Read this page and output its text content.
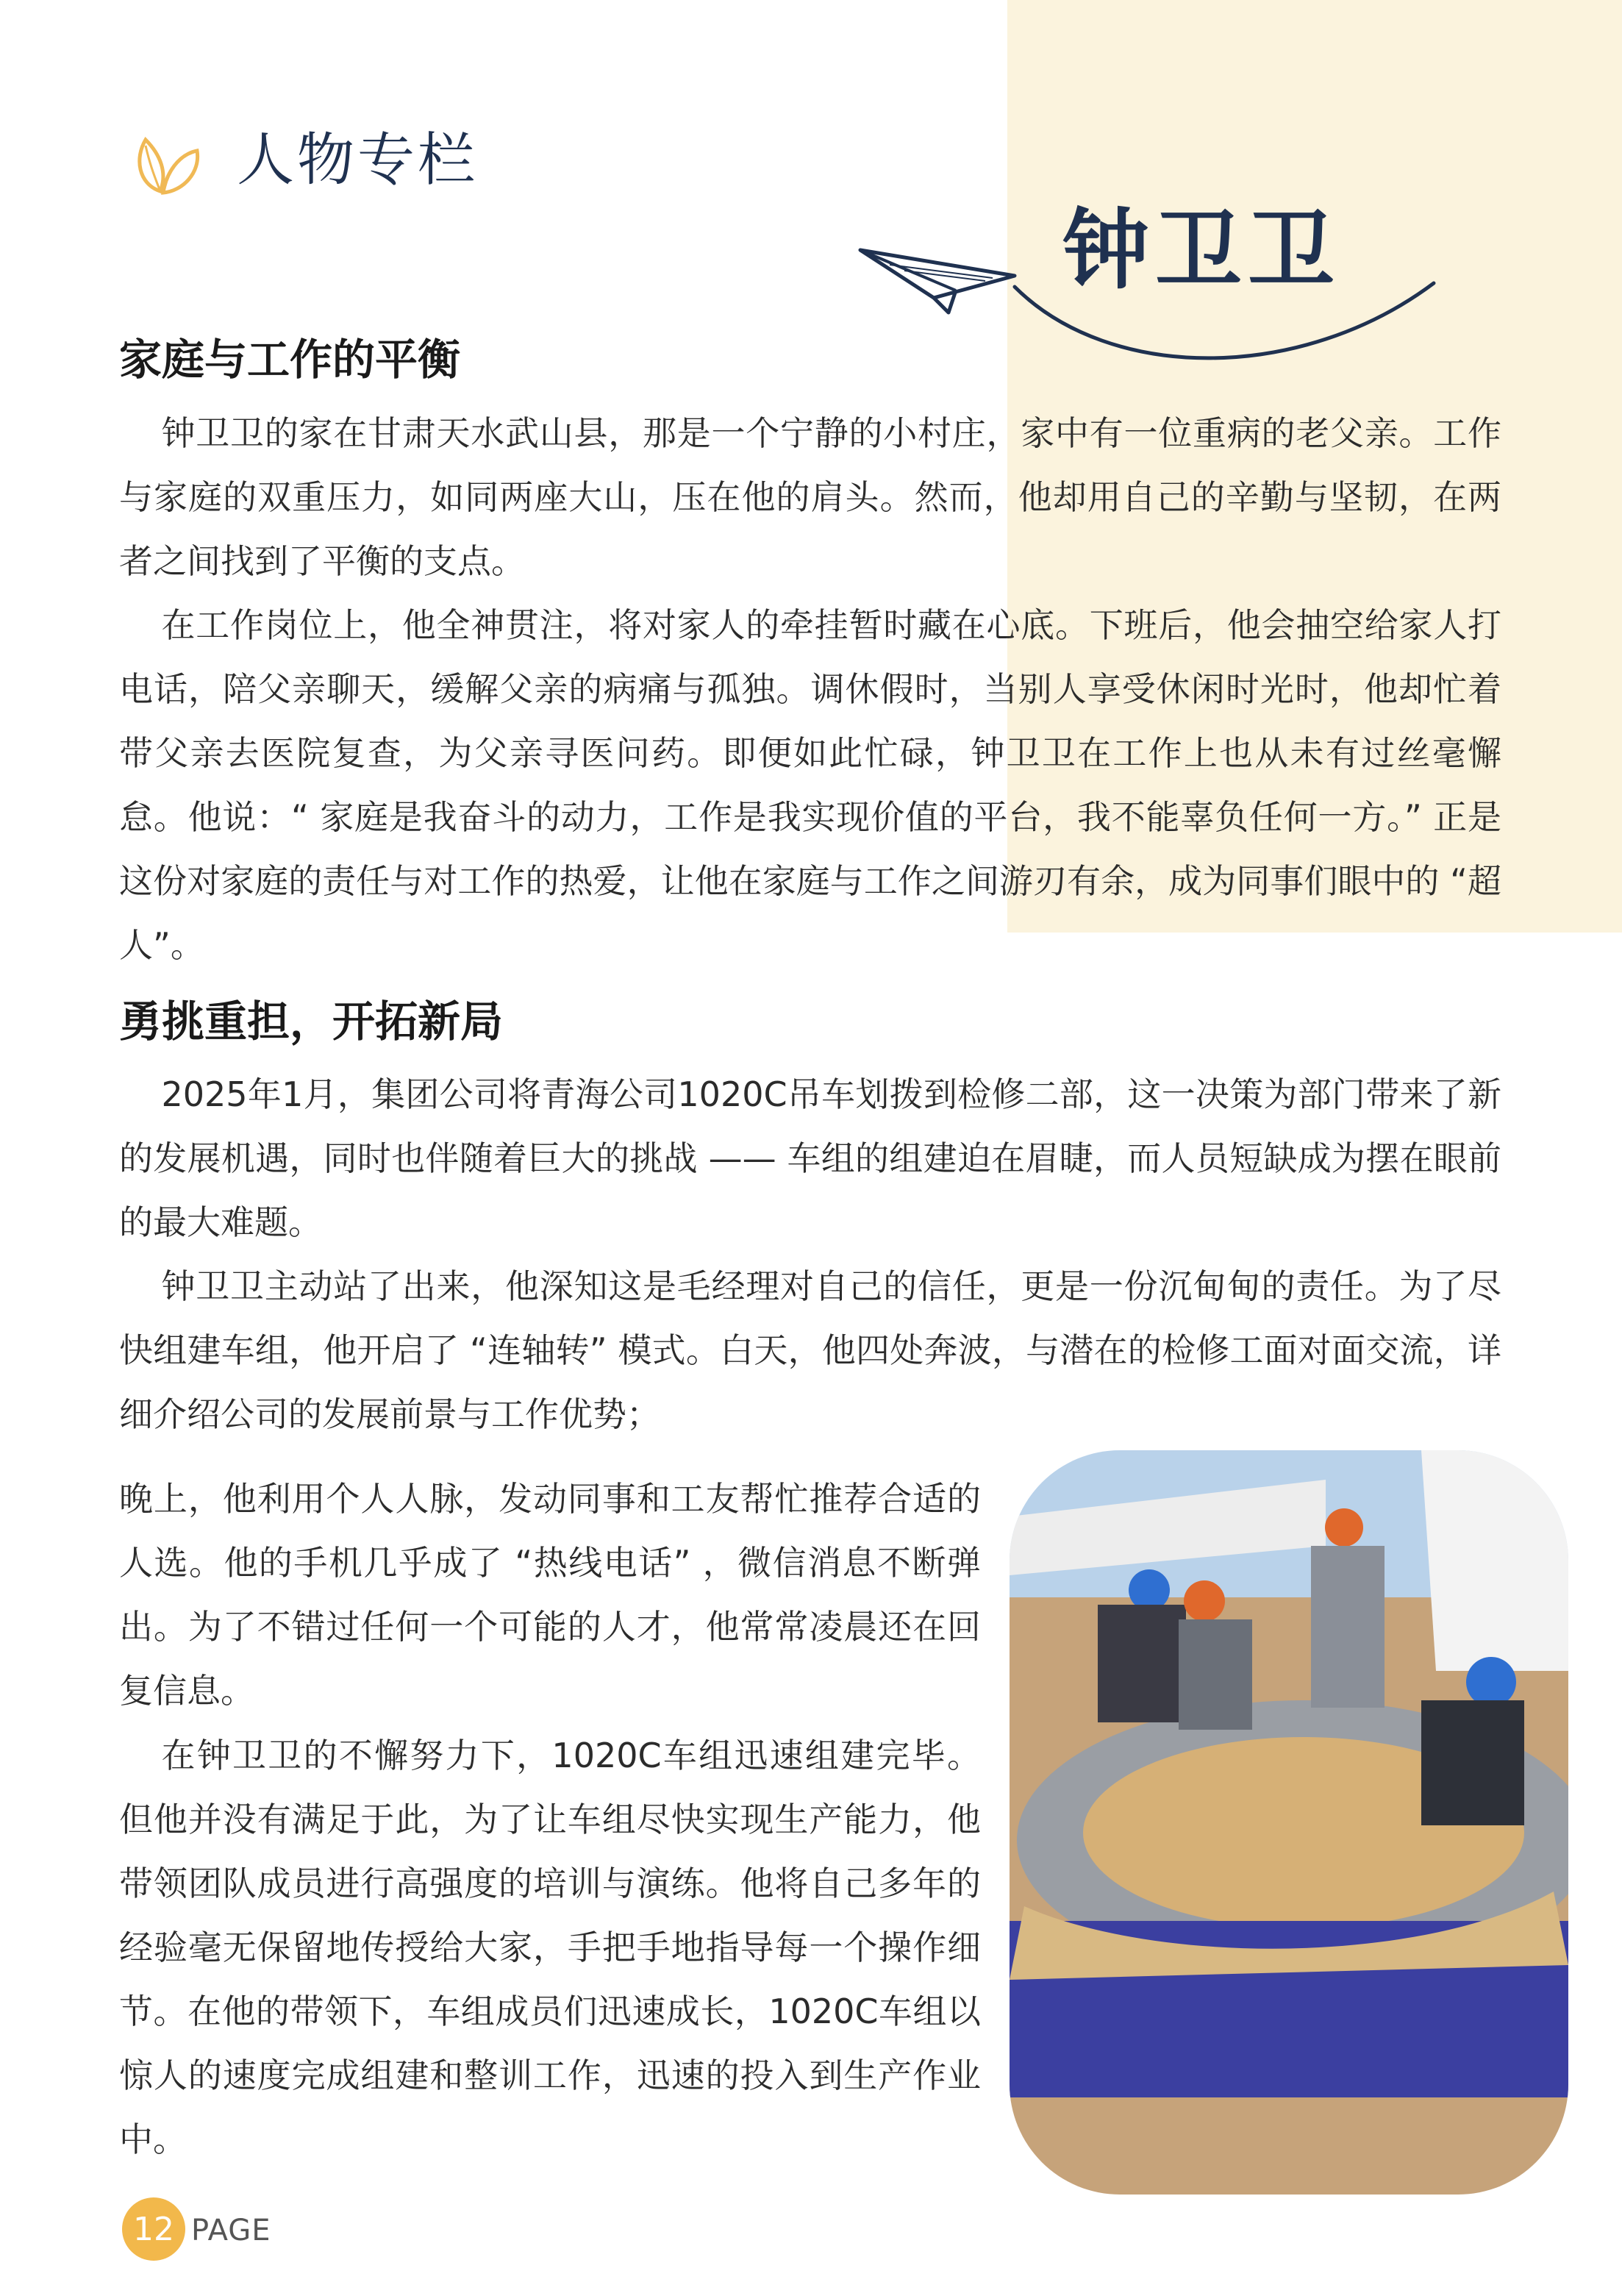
人物专栏
钟卫卫
家庭与工作的平衡

钟卫卫的家在甘肃天水武山县，那是一个宁静的小村庄，家中有一位重病的老父亲。工作与家庭的双重压力，如同两座大山，压在他的肩头。然而，他却用自己的辛勤与坚韧，在两者之间找到了平衡的支点。

在工作岗位上，他全神贯注，将对家人的牵挂暂时藏在心底。下班后，他会抽空给家人打电话，陪父亲聊天，缓解父亲的病痛与孤独。调休假时，当别人享受休闲时光时，他却忙着带父亲去医院复查，为父亲寻医问药。即便如此忙碌，钟卫卫在工作上也从未有过丝毫懈怠。他说：“ 家庭是我奋斗的动力，工作是我实现价值的平台，我不能辜负任何一方。” 正是这份对家庭的责任与对工作的热爱，让他在家庭与工作之间游刃有余，成为同事们眼中的 “超人”。

勇挑重担，开拓新局

2025年1月，集团公司将青海公司1020C吊车划拨到检修二部，这一决策为部门带来了新的发展机遇，同时也伴随着巨大的挑战 —— 车组的组建迫在眉睫，而人员短缺成为摆在眼前的最大难题。

钟卫卫主动站了出来，他深知这是毛经理对自己的信任，更是一份沉甸甸的责任。为了尽快组建车组，他开启了 “连轴转” 模式。白天，他四处奔波，与潜在的检修工面对面交流，详细介绍公司的发展前景与工作优势；

晚上，他利用个人人脉，发动同事和工友帮忙推荐合适的人选。他的手机几乎成了 “热线电话” ，微信消息不断弹出。为了不错过任何一个可能的人才，他常常凌晨还在回复信息。

在钟卫卫的不懈努力下，1020C车组迅速组建完毕。但他并没有满足于此，为了让车组尽快实现生产能力，他带领团队成员进行高强度的培训与演练。他将自己多年的经验毫无保留地传授给大家，手把手地指导每一个操作细节。在他的带领下，车组成员们迅速成长，1020C车组以惊人的速度完成组建和整训工作，迅速的投入到生产作业中。

12 PAGE
